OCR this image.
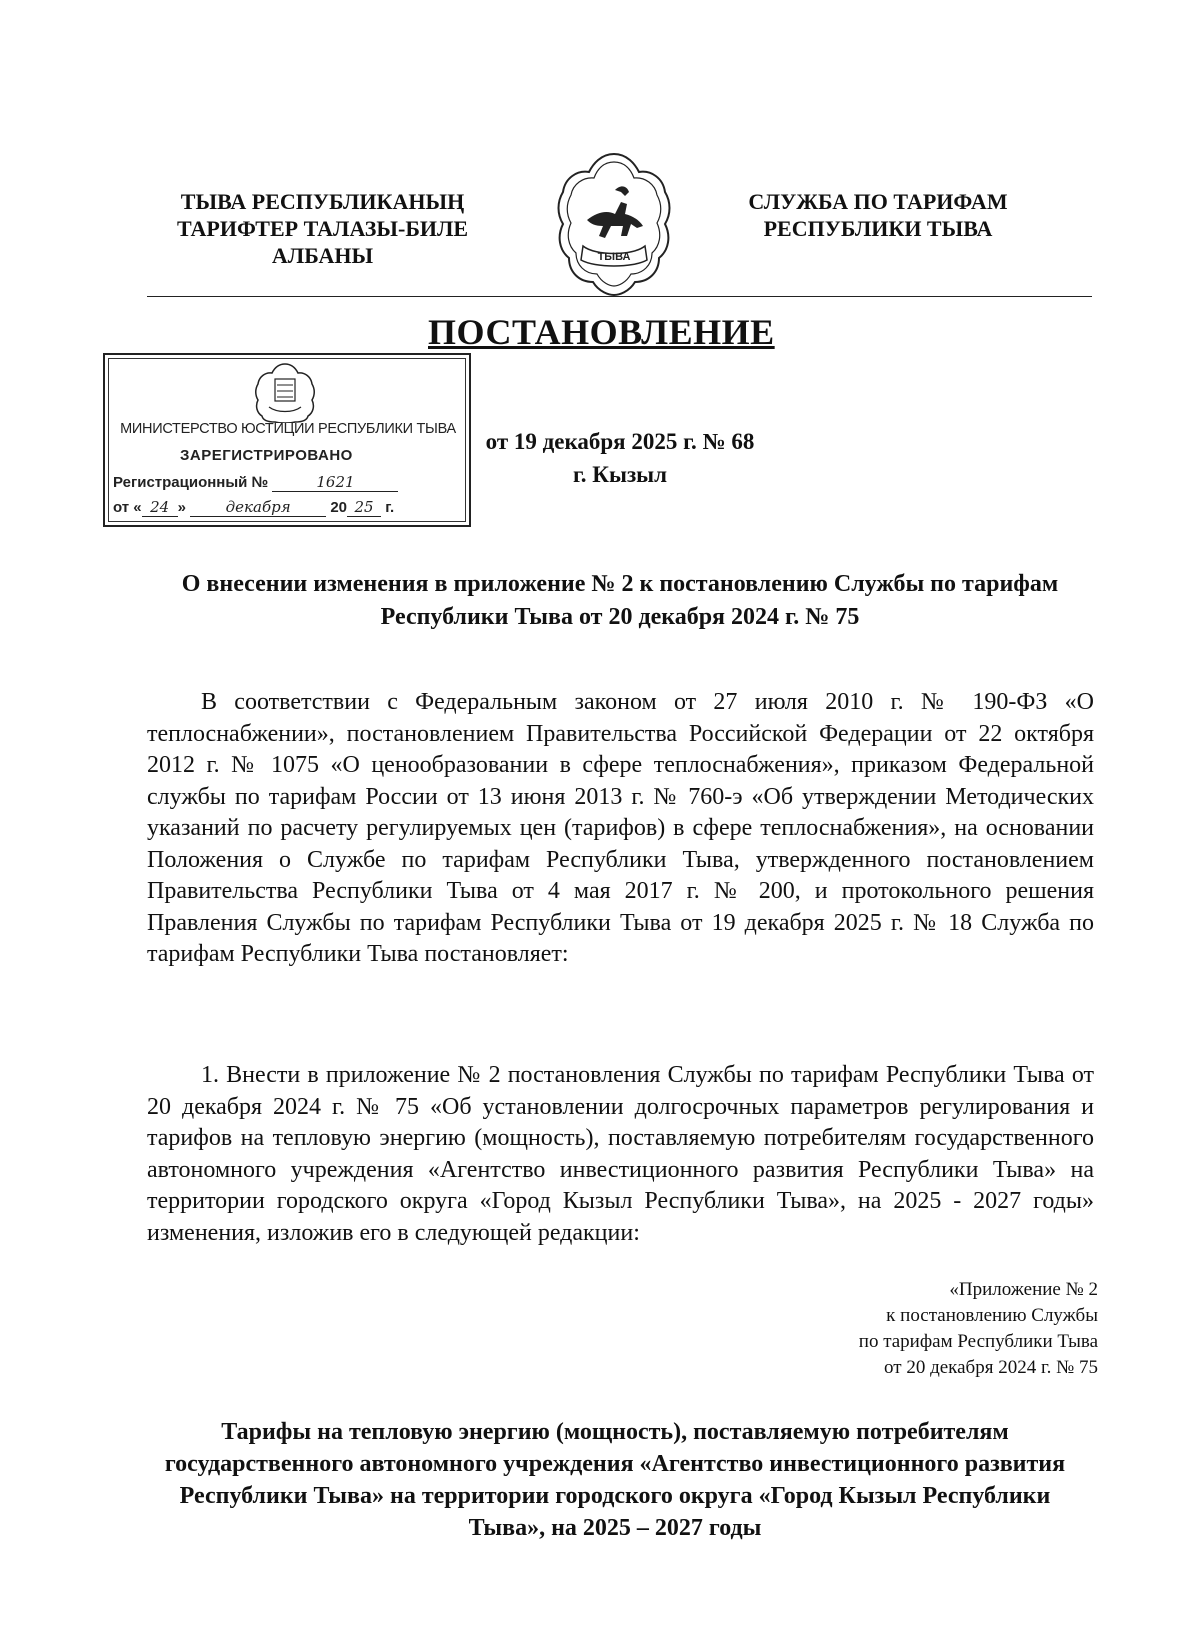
ТЫВА РЕСПУБЛИКАНЫҢ
ТАРИФТЕР ТАЛАЗЫ-БИЛЕ
АЛБАНЫ	ТЫВА
СЛУЖБА ПО ТАРИФАМ
РЕСПУБЛИКИ ТЫВА
ПОСТАНОВЛЕНИЕ
МИНИСТЕРСТВО ЮСТИЦИИ РЕСПУБЛИКИ ТЫВА
ЗАРЕГИСТРИРОВАНО
Регистрационный №	1621
от « 24 »	декабря	20 25 г.
от 19 декабря 2025 г. № 68
г. Кызыл
О внесении изменения в приложение № 2 к постановлению Службы по тарифам Республики Тыва от 20 декабря 2024 г. № 75
В соответствии с Федеральным законом от 27 июля 2010 г. № 190-ФЗ «О теплоснабжении», постановлением Правительства Российской Федерации от 22 октября 2012 г. № 1075 «О ценообразовании в сфере теплоснабжения», приказом Федеральной службы по тарифам России от 13 июня 2013 г. № 760-э «Об утверждении Методических указаний по расчету регулируемых цен (тарифов) в сфере теплоснабжения», на основании Положения о Службе по тарифам Республики Тыва, утвержденного постановлением Правительства Республики Тыва от 4 мая 2017 г. № 200, и протокольного решения Правления Службы по тарифам Республики Тыва от 19 декабря 2025 г. № 18 Служба по тарифам Республики Тыва постановляет:
1. Внести в приложение № 2 постановления Службы по тарифам Республики Тыва от 20 декабря 2024 г. № 75 «Об установлении долгосрочных параметров регулирования и тарифов на тепловую энергию (мощность), поставляемую потребителям государственного автономного учреждения «Агентство инвестиционного развития Республики Тыва» на территории городского округа «Город Кызыл Республики Тыва», на 2025 - 2027 годы» изменения, изложив его в следующей редакции:
«Приложение № 2
к постановлению Службы
по тарифам Республики Тыва
от 20 декабря 2024 г. № 75
Тарифы на тепловую энергию (мощность), поставляемую потребителям государственного автономного учреждения «Агентство инвестиционного развития Республики Тыва» на территории городского округа «Город Кызыл Республики Тыва», на 2025 – 2027 годы
